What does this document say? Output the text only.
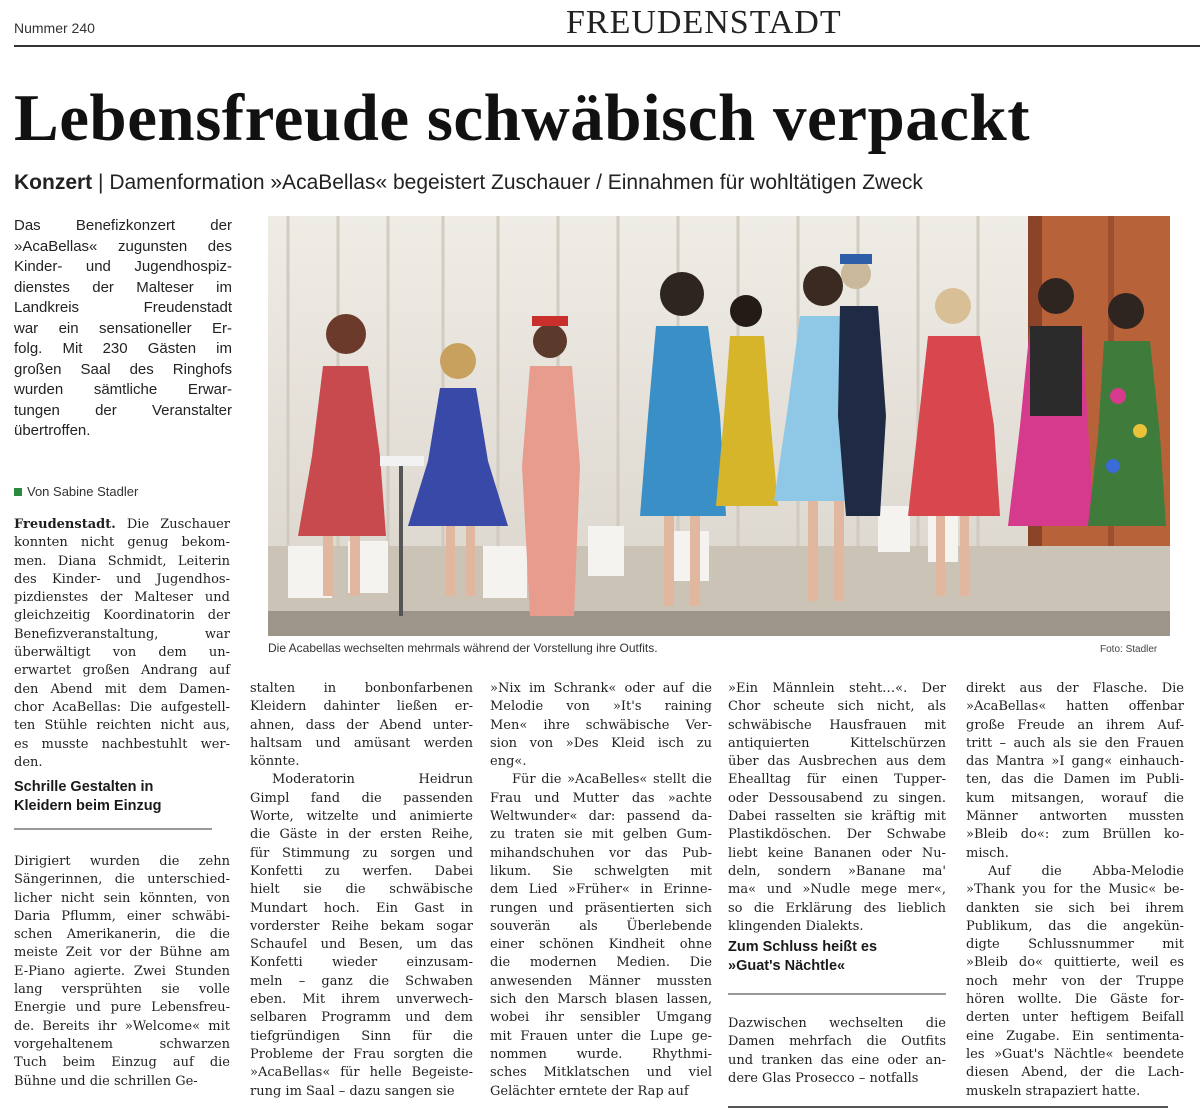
Nummer 240	FREUDENSTADT
Lebensfreude schwäbisch verpackt
Konzert | Damenformation »AcaBellas« begeistert Zuschauer / Einnahmen für wohltätigen Zweck
Das Benefizkonzert der
»AcaBellas« zugunsten des
Kinder- und Jugendhospiz-
dienstes der Malteser im
Landkreis Freudenstadt
war ein sensationeller Er-
folg. Mit 230 Gästen im
großen Saal des Ringhofs
wurden sämtliche Erwar-
tungen der Veranstalter
übertroffen.
Von Sabine Stadler
Die Acabellas wechselten mehrmals während der Vorstellung ihre Outfits.	Foto: Stadler
Freudenstadt. Die Zuschauer
konnten nicht genug bekom-
men. Diana Schmidt, Leiterin
des Kinder- und Jugendhos-
pizdienstes der Malteser und
gleichzeitig Koordinatorin der
Benefizveranstaltung, war
überwältigt von dem un-
erwartet großen Andrang auf
den Abend mit dem Damen-
chor AcaBellas: Die aufgestell-
ten Stühle reichten nicht aus,
es musste nachbestuhlt wer-
den.
Schrille Gestalten in
Kleidern beim Einzug
Dirigiert wurden die zehn
Sängerinnen, die unterschied-
licher nicht sein könnten, von
Daria Pflumm, einer schwäbi-
schen Amerikanerin, die die
meiste Zeit vor der Bühne am
E-Piano agierte. Zwei Stunden
lang versprühten sie volle
Energie und pure Lebensfreu-
de. Bereits ihr »Welcome« mit
vorgehaltenem schwarzen
Tuch beim Einzug auf die
Bühne und die schrillen Ge-
stalten in bonbonfarbenen
Kleidern dahinter ließen er-
ahnen, dass der Abend unter-
haltsam und amüsant werden
könnte.
Moderatorin Heidrun
Gimpl fand die passenden
Worte, witzelte und animierte
die Gäste in der ersten Reihe,
für Stimmung zu sorgen und
Konfetti zu werfen. Dabei
hielt sie die schwäbische
Mundart hoch. Ein Gast in
vorderster Reihe bekam sogar
Schaufel und Besen, um das
Konfetti wieder einzusam-
meln – ganz die Schwaben
eben. Mit ihrem unverwech-
selbaren Programm und dem
tiefgründigen Sinn für die
Probleme der Frau sorgten die
»AcaBellas« für helle Begeiste-
rung im Saal – dazu sangen sie
»Nix im Schrank« oder auf die
Melodie von »It's raining
Men« ihre schwäbische Ver-
sion von »Des Kleid isch zu
eng«.
Für die »AcaBelles« stellt die
Frau und Mutter das »achte
Weltwunder« dar: passend da-
zu traten sie mit gelben Gum-
mihandschuhen vor das Pub-
likum. Sie schwelgten mit
dem Lied »Früher« in Erinne-
rungen und präsentierten sich
souverän als Überlebende
einer schönen Kindheit ohne
die modernen Medien. Die
anwesenden Männer mussten
sich den Marsch blasen lassen,
wobei ihr sensibler Umgang
mit Frauen unter die Lupe ge-
nommen wurde. Rhythmi-
sches Mitklatschen und viel
Gelächter erntete der Rap auf
»Ein Männlein steht…«. Der
Chor scheute sich nicht, als
schwäbische Hausfrauen mit
antiquierten Kittelschürzen
über das Ausbrechen aus dem
Ehealltag für einen Tupper-
oder Dessousabend zu singen.
Dabei rasselten sie kräftig mit
Plastikdöschen. Der Schwabe
liebt keine Bananen oder Nu-
deln, sondern »Banane ma'
ma« und »Nudle mege mer«,
so die Erklärung des lieblich
klingenden Dialekts.
Zum Schluss heißt es
»Guat's Nächtle«
Dazwischen wechselten die
Damen mehrfach die Outfits
und tranken das eine oder an-
dere Glas Prosecco – notfalls
direkt aus der Flasche. Die
»AcaBellas« hatten offenbar
große Freude an ihrem Auf-
tritt – auch als sie den Frauen
das Mantra »I gang« einhauch-
ten, das die Damen im Publi-
kum mitsangen, worauf die
Männer antworten mussten
»Bleib do«: zum Brüllen ko-
misch.
Auf die Abba-Melodie
»Thank you for the Music« be-
dankten sie sich bei ihrem
Publikum, das die angekün-
digte Schlussnummer mit
»Bleib do« quittierte, weil es
noch mehr von der Truppe
hören wollte. Die Gäste for-
derten unter heftigem Beifall
eine Zugabe. Ein sentimenta-
les »Guat's Nächtle« beendete
diesen Abend, der die Lach-
muskeln strapaziert hatte.
